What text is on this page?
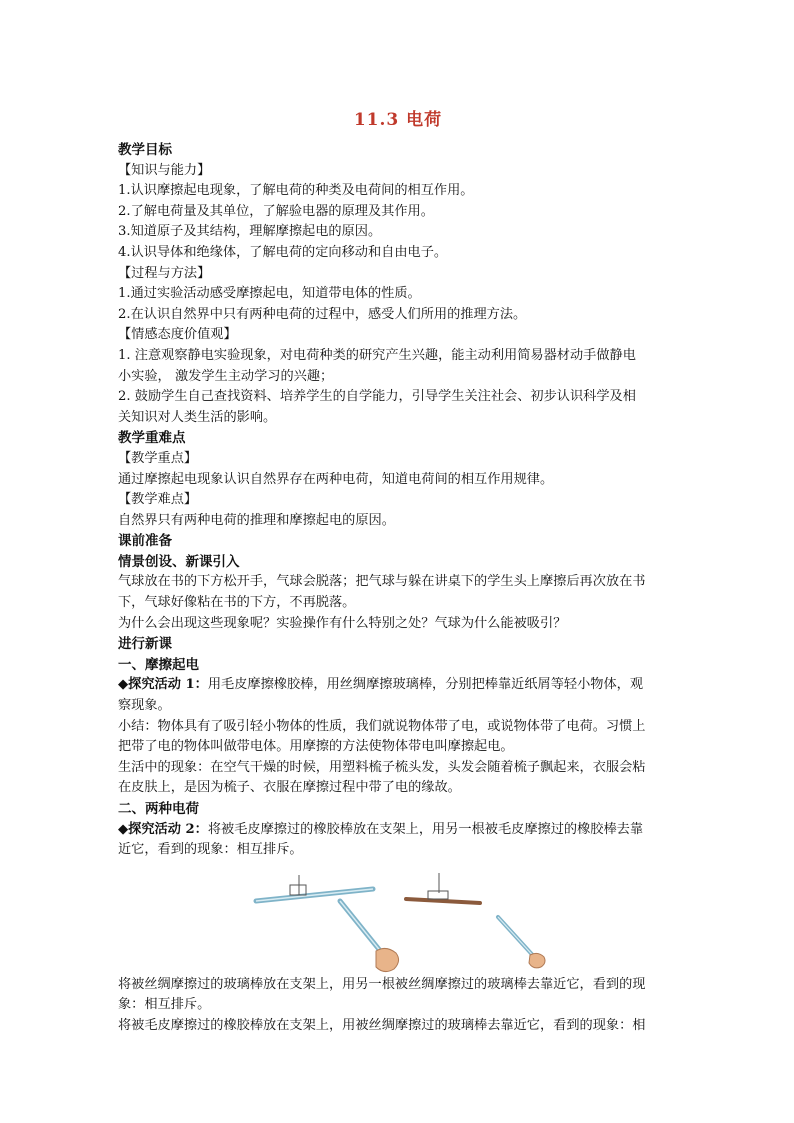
11.3 电荷

教学目标

【知识与能力】

1.认识摩擦起电现象，了解电荷的种类及电荷间的相互作用。

2.了解电荷量及其单位，了解验电器的原理及其作用。

3.知道原子及其结构，理解摩擦起电的原因。

4.认识导体和绝缘体，了解电荷的定向移动和自由电子。

【过程与方法】

1.通过实验活动感受摩擦起电，知道带电体的性质。

2.在认识自然界中只有两种电荷的过程中，感受人们所用的推理方法。

【情感态度价值观】

1. 注意观察静电实验现象，对电荷种类的研究产生兴趣，能主动利用简易器材动手做静电

小实验， 激发学生主动学习的兴趣；

2. 鼓励学生自己查找资料、培养学生的自学能力，引导学生关注社会、初步认识科学及相

关知识对人类生活的影响。

教学重难点

【教学重点】

通过摩擦起电现象认识自然界存在两种电荷，知道电荷间的相互作用规律。

【教学难点】

自然界只有两种电荷的推理和摩擦起电的原因。

课前准备

情景创设、新课引入

气球放在书的下方松开手，气球会脱落；把气球与躲在讲桌下的学生头上摩擦后再次放在书

下，气球好像粘在书的下方，不再脱落。

为什么会出现这些现象呢？实验操作有什么特别之处？气球为什么能被吸引？

进行新课

一、摩擦起电

◆探究活动 1：用毛皮摩擦橡胶棒，用丝绸摩擦玻璃棒，分别把棒靠近纸屑等轻小物体，观

察现象。

小结：物体具有了吸引轻小物体的性质，我们就说物体带了电，或说物体带了电荷。习惯上

把带了电的物体叫做带电体。用摩擦的方法使物体带电叫摩擦起电。

生活中的现象：在空气干燥的时候，用塑料梳子梳头发，头发会随着梳子飘起来，衣服会粘

在皮肤上，是因为梳子、衣服在摩擦过程中带了电的缘故。

二、两种电荷

◆探究活动 2：将被毛皮摩擦过的橡胶棒放在支架上，用另一根被毛皮摩擦过的橡胶棒去靠

近它，看到的现象：相互排斥。

将被丝绸摩擦过的玻璃棒放在支架上，用另一根被丝绸摩擦过的玻璃棒去靠近它，看到的现

象：相互排斥。

将被毛皮摩擦过的橡胶棒放在支架上，用被丝绸摩擦过的玻璃棒去靠近它，看到的现象：相
